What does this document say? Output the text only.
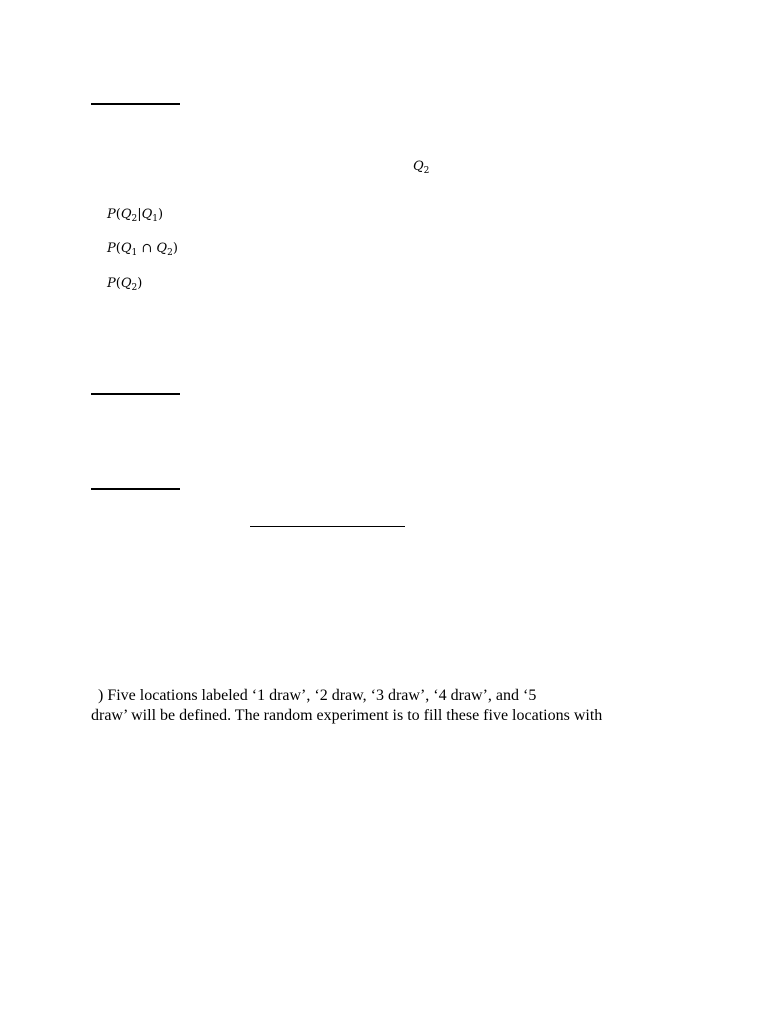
$Q_2$
$P(Q_2|Q_1)$
$P(Q_1$ ∩ $Q_2$)
$P(Q_2)$
) Five locations labeled ‘1 draw’, ‘2 draw, ‘3 draw’, ‘4 draw’, and ‘5
draw’ will be defined. The random experiment is to fill these five locations with
